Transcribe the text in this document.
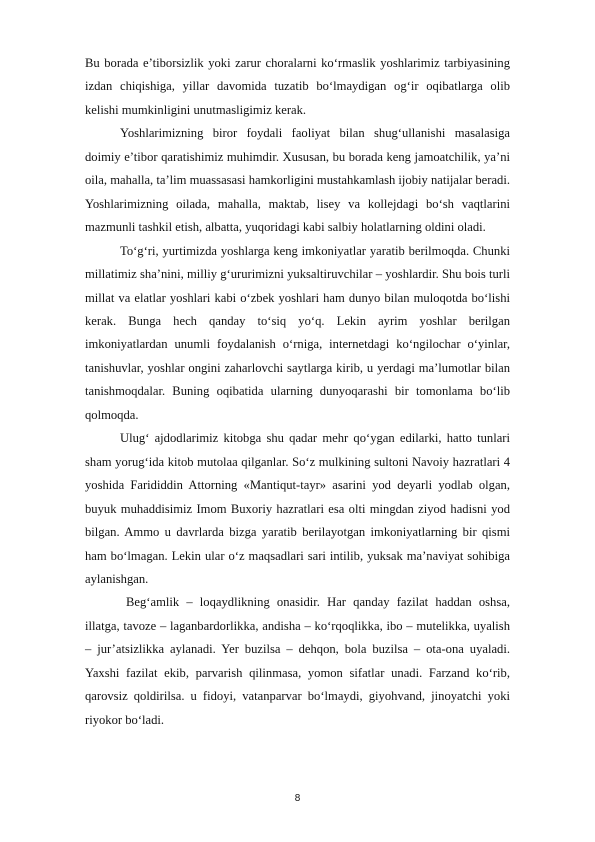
Bu borada e’tiborsizlik yoki zarur choralarni ko‘rmaslik yoshlarimiz tarbiyasining izdan chiqishiga, yillar davomida tuzatib bo‘lmaydigan og‘ir oqibatlarga olib kelishi mumkinligini unutmasligimiz kerak.

Yoshlarimizning biror foydali faoliyat bilan shug‘ullanishi masalasiga doimiy e’tibor qaratishimiz muhimdir. Xususan, bu borada keng jamoatchilik, ya’ni oila, mahalla, ta’lim muassasasi hamkorligini mustahkamlash ijobiy natijalar beradi. Yoshlarimizning oilada, mahalla, maktab, lisey va kollejdagi bo‘sh vaqtlarini mazmunli tashkil etish, albatta, yuqoridagi kabi salbiy holatlarning oldini oladi.

To‘g‘ri, yurtimizda yoshlarga keng imkoniyatlar yaratib berilmoqda. Chunki millatimiz sha’nini, milliy g‘ururimizni yuksaltiruvchilar – yoshlardir. Shu bois turli millat va elatlar yoshlari kabi o‘zbek yoshlari ham dunyo bilan muloqotda bo‘lishi kerak. Bunga hech qanday to‘siq yo‘q. Lekin ayrim yoshlar berilgan imkoniyatlardan unumli foydalanish o‘rniga, internetdagi ko‘ngilochar o‘yinlar, tanishuvlar, yoshlar ongini zaharlovchi saytlarga kirib, u yerdagi ma’lumotlar bilan tanishmoqdalar. Buning oqibatida ularning dunyoqarashi bir tomonlama bo‘lib qolmoqda.

Ulug‘ ajdodlarimiz kitobga shu qadar mehr qo‘ygan edilarki, hatto tunlari sham yorug‘ida kitob mutolaa qilganlar. So‘z mulkining sultoni Navoiy hazratlari 4 yoshida Farididdin Attorning «Mantiqut-tayr» asarini yod deyarli yodlab olgan, buyuk muhaddisimiz Imom Buxoriy hazratlari esa olti mingdan ziyod hadisni yod bilgan. Ammo u davrlarda bizga yaratib berilayotgan imkoniyatlarning bir qismi ham bo‘lmagan. Lekin ular o‘z maqsadlari sari intilib, yuksak ma’naviyat sohibiga aylanishgan.

Beg‘amlik – loqaydlikning onasidir. Har qanday fazilat haddan oshsa, illatga, tavoze – laganbardorlikka, andisha – ko‘rqoqlikka, ibo – mutelikka, uyalish – jur’atsizlikka aylanadi. Yer buzilsa – dehqon, bola buzilsa – ota-ona uyaladi. Yaxshi fazilat ekib, parvarish qilinmasa, yomon sifatlar unadi. Farzand ko‘rib, qarovsiz qoldirilsa. u fidoyi, vatanparvar bo‘lmaydi, giyohvand, jinoyatchi yoki riyokor bo‘ladi.

8
